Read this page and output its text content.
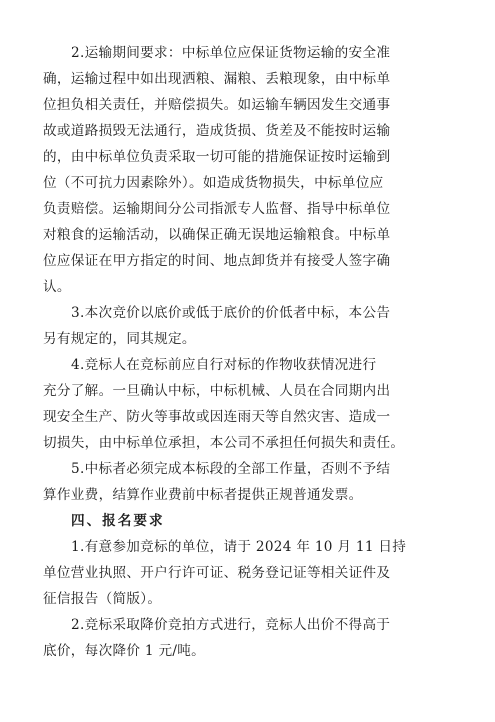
2.运输期间要求：中标单位应保证货物运输的安全准
确，运输过程中如出现洒粮、漏粮、丢粮现象，由中标单
位担负相关责任，并赔偿损失。如运输车辆因发生交通事
故或道路损毁无法通行，造成货损、货差及不能按时运输
的，由中标单位负责采取一切可能的措施保证按时运输到
位（不可抗力因素除外）。如造成货物损失，中标单位应
负责赔偿。运输期间分公司指派专人监督、指导中标单位
对粮食的运输活动，以确保正确无误地运输粮食。中标单
位应保证在甲方指定的时间、地点卸货并有接受人签字确
认。
3.本次竞价以底价或低于底价的价低者中标，本公告
另有规定的，同其规定。
4.竞标人在竞标前应自行对标的作物收获情况进行
充分了解。一旦确认中标，中标机械、人员在合同期内出
现安全生产、防火等事故或因连雨天等自然灾害、造成一
切损失，由中标单位承担，本公司不承担任何损失和责任。
5.中标者必须完成本标段的全部工作量，否则不予结
算作业费，结算作业费前中标者提供正规普通发票。
四、报名要求
1.有意参加竞标的单位，请于 2024 年 10 月 11 日持
单位营业执照、开户行许可证、税务登记证等相关证件及
征信报告（简版）。
2.竞标采取降价竞拍方式进行，竞标人出价不得高于
底价，每次降价 1 元/吨。
